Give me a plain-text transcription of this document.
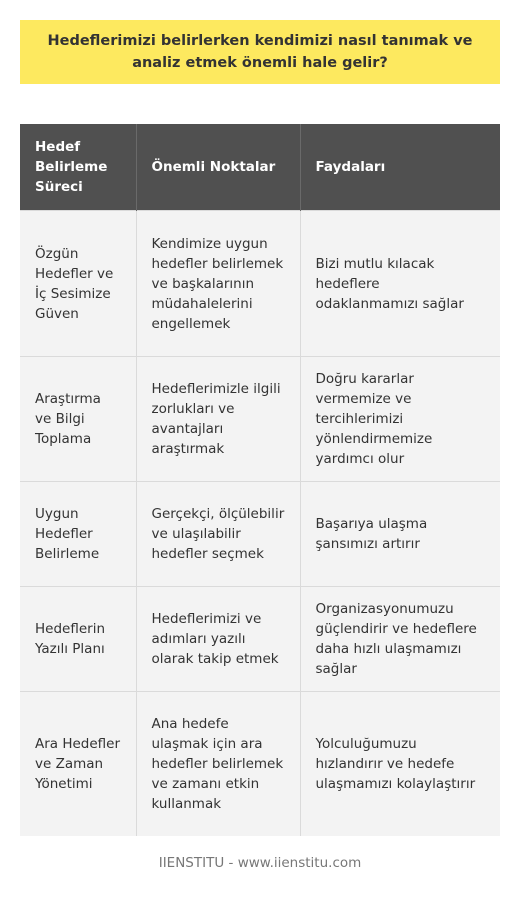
Hedeflerimizi belirlerken kendimizi nasıl tanımak ve analiz etmek önemli hale gelir?
Hedef Belirleme Süreci	Önemli Noktalar	Faydaları
Özgün Hedefler ve İç Sesimize Güven	Kendimize uygun hedefler belirlemek ve başkalarının müdahalelerini engellemek	Bizi mutlu kılacak hedeflere odaklanmamızı sağlar
Araştırma ve Bilgi Toplama	Hedeflerimizle ilgili zorlukları ve avantajları araştırmak	Doğru kararlar vermemize ve tercihlerimizi yönlendirmemize yardımcı olur
Uygun Hedefler Belirleme	Gerçekçi, ölçülebilir ve ulaşılabilir hedefler seçmek	Başarıya ulaşma şansımızı artırır
Hedeflerin Yazılı Planı	Hedeflerimizi ve adımları yazılı olarak takip etmek	Organizasyonumuzu güçlendirir ve hedeflere daha hızlı ulaşmamızı sağlar
Ara Hedefler ve Zaman Yönetimi	Ana hedefe ulaşmak için ara hedefler belirlemek ve zamanı etkin kullanmak	Yolculuğumuzu hızlandırır ve hedefe ulaşmamızı kolaylaştırır
IIENSTITU - www.iienstitu.com
